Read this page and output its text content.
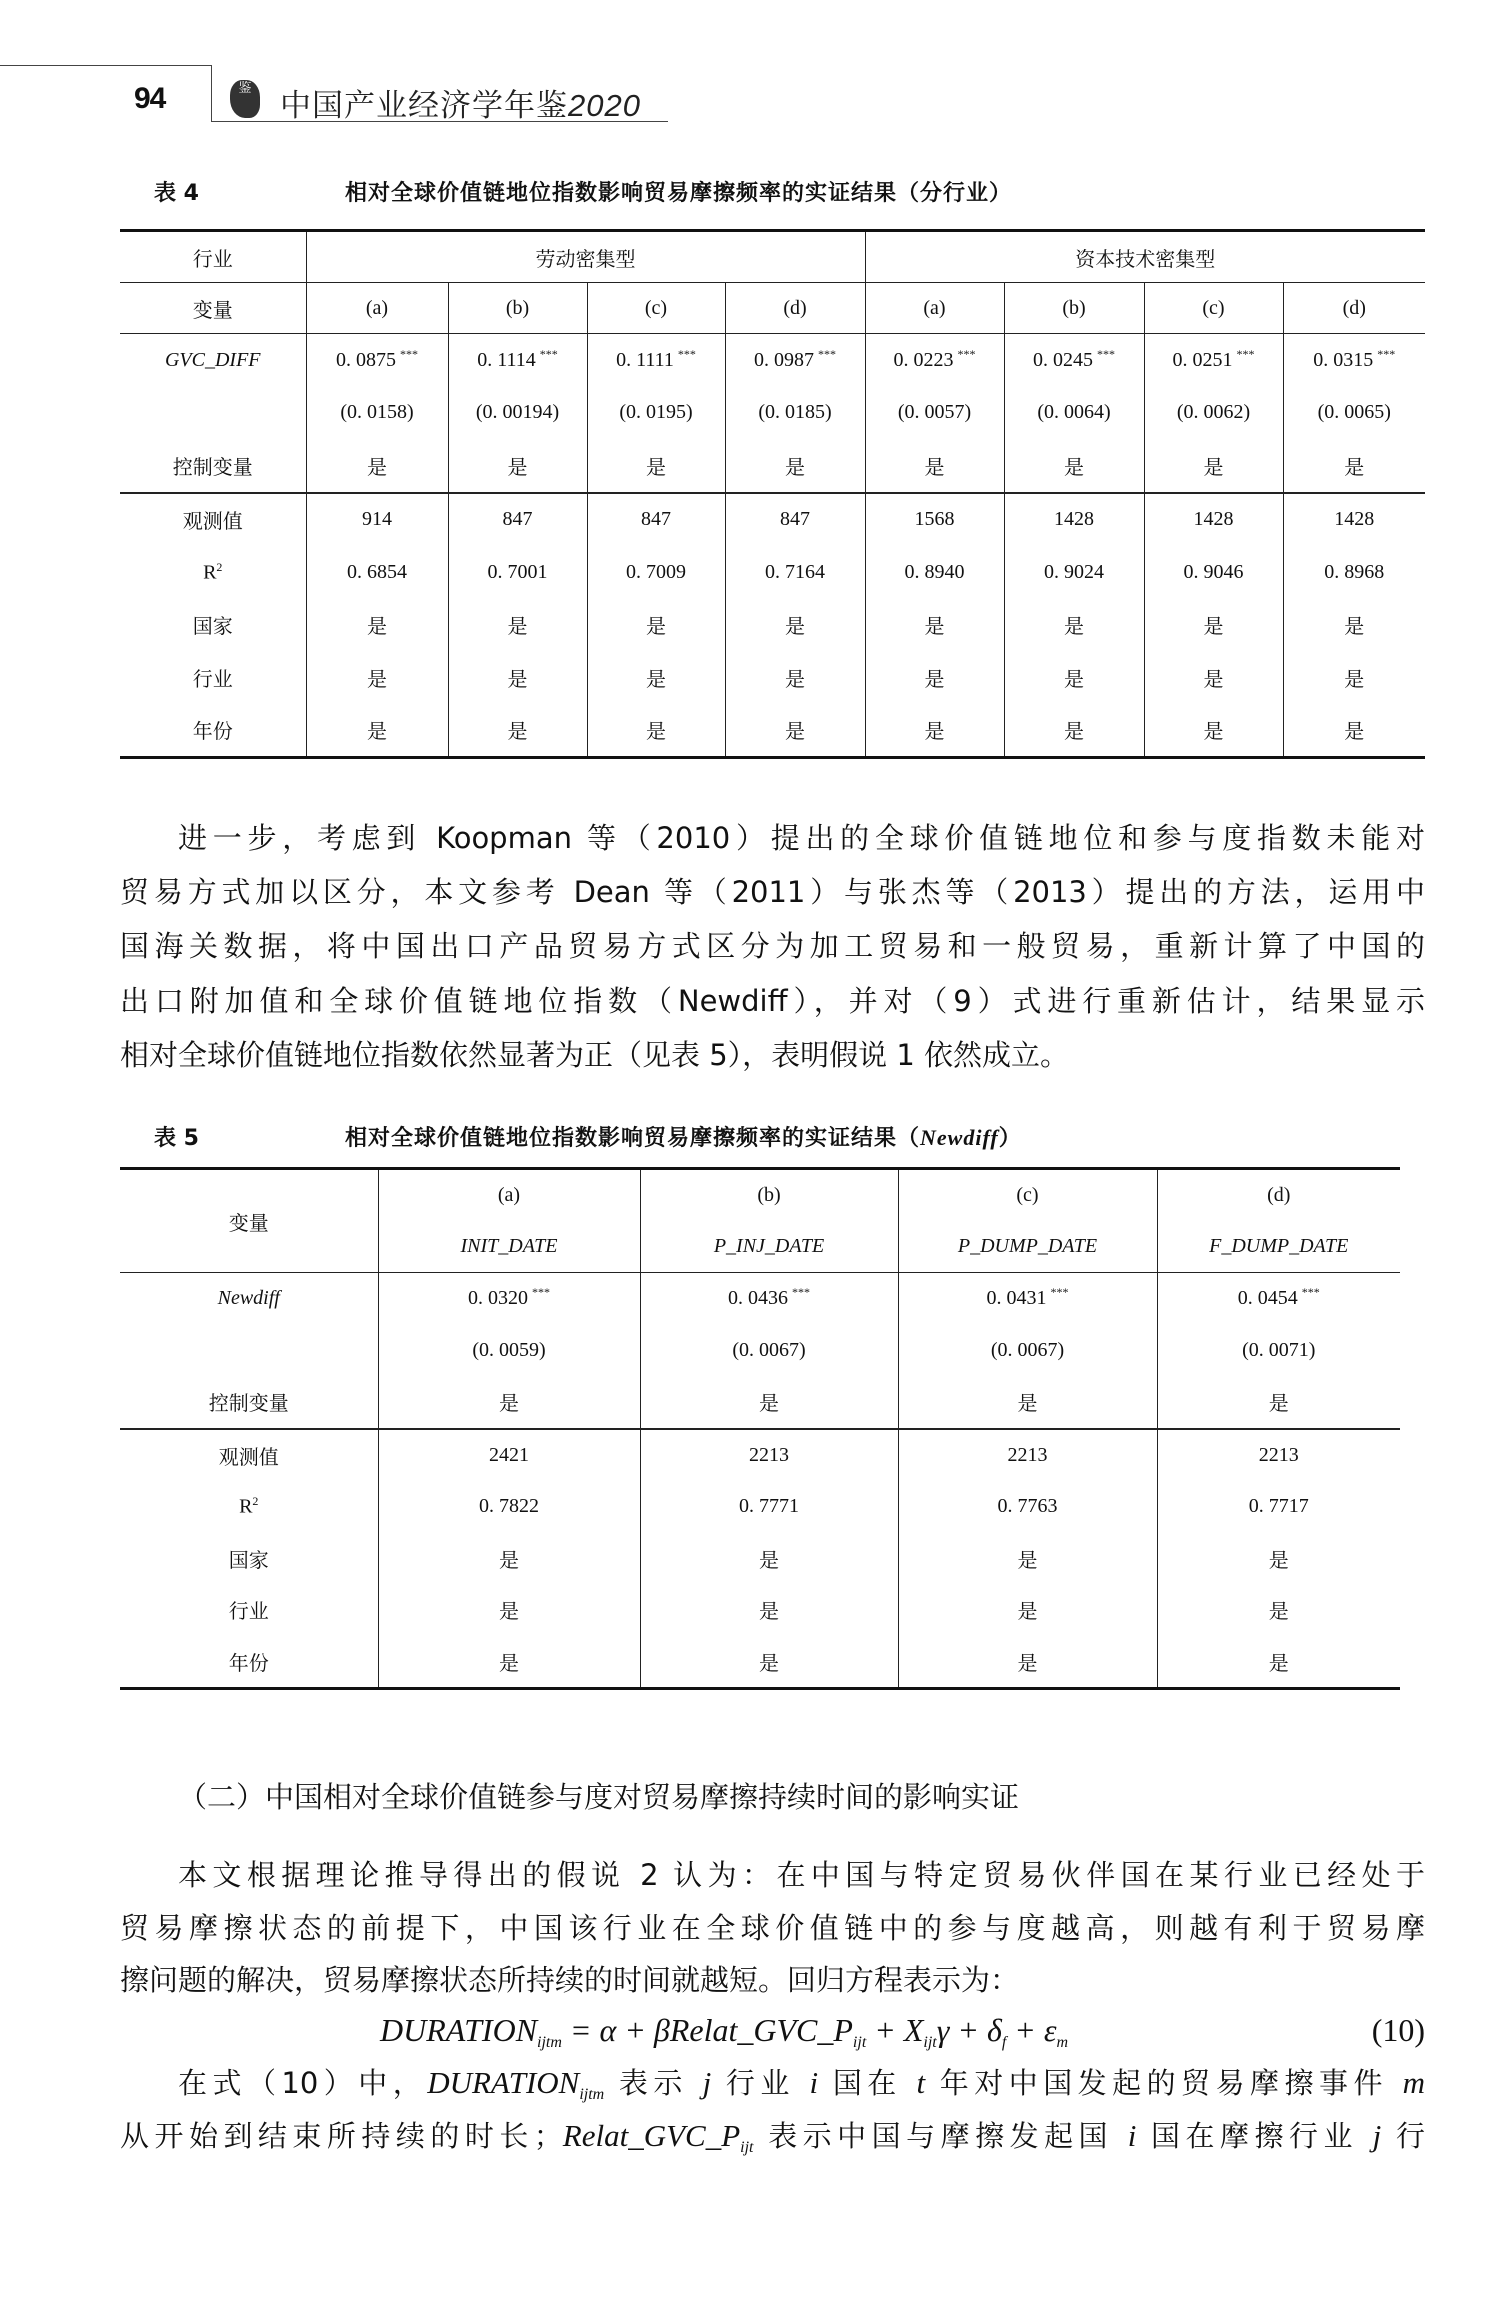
94	鉴 中国产业经济学年鉴2020
表 4	相对全球价值链地位指数影响贸易摩擦频率的实证结果（分行业）
行业	劳动密集型				资本技术密集型			
变量	(a)	(b)	(c)	(d)	(a)	(b)	(c)	(d)
GVC_DIFF	0. 0875 ***	0. 1114 ***	0. 1111 ***	0. 0987 ***	0. 0223 ***	0. 0245 ***	0. 0251 ***	0. 0315 ***
	(0. 0158)	(0. 00194)	(0. 0195)	(0. 0185)	(0. 0057)	(0. 0064)	(0. 0062)	(0. 0065)
控制变量	是	是	是	是	是	是	是	是
观测值	914	847	847	847	1568	1428	1428	1428
$R^2$	0. 6854	0. 7001	0. 7009	0. 7164	0. 8940	0. 9024	0. 9046	0. 8968
国家	是	是	是	是	是	是	是	是
行业	是	是	是	是	是	是	是	是
年份	是	是	是	是	是	是	是	是
进一步，考虑到 Koopman 等（2010）提出的全球价值链地位和参与度指数未能对
贸易方式加以区分，本文参考 Dean 等（2011）与张杰等（2013）提出的方法，运用中
国海关数据，将中国出口产品贸易方式区分为加工贸易和一般贸易，重新计算了中国的
出口附加值和全球价值链地位指数（Newdiff），并对（9）式进行重新估计，结果显示
相对全球价值链地位指数依然显著为正（见表 5），表明假说 1 依然成立。
表 5	相对全球价值链地位指数影响贸易摩擦频率的实证结果（Newdiff）
变量	(a)	(b)	(c)	(d)
	INIT_DATE	P_INJ_DATE	P_DUMP_DATE	F_DUMP_DATE
Newdiff	0. 0320 ***	0. 0436 ***	0. 0431 ***	0. 0454 ***
	(0. 0059)	(0. 0067)	(0. 0067)	(0. 0071)
控制变量	是	是	是	是
观测值	2421	2213	2213	2213
$R^2$	0. 7822	0. 7771	0. 7763	0. 7717
国家	是	是	是	是
行业	是	是	是	是
年份	是	是	是	是
（二）中国相对全球价值链参与度对贸易摩擦持续时间的影响实证
本文根据理论推导得出的假说 2 认为：在中国与特定贸易伙伴国在某行业已经处于
贸易摩擦状态的前提下，中国该行业在全球价值链中的参与度越高，则越有利于贸易摩
擦问题的解决，贸易摩擦状态所持续的时间就越短。回归方程表示为：
$DURATION_{ijtm} = \alpha$ + $\beta Relat\_GVC\_P_{ijt} + X_{ijt}\gamma + \delta_f + \varepsilon_m$	(10)
在式（10）中，$DURATION_{ijtm}$ 表示 j 行业 i 国在 t 年对中国发起的贸易摩擦事件 m
从开始到结束所持续的时长；$Relat\_GVC\_P_{ijt}$ 表示中国与摩擦发起国 i 国在摩擦行业 j 行
